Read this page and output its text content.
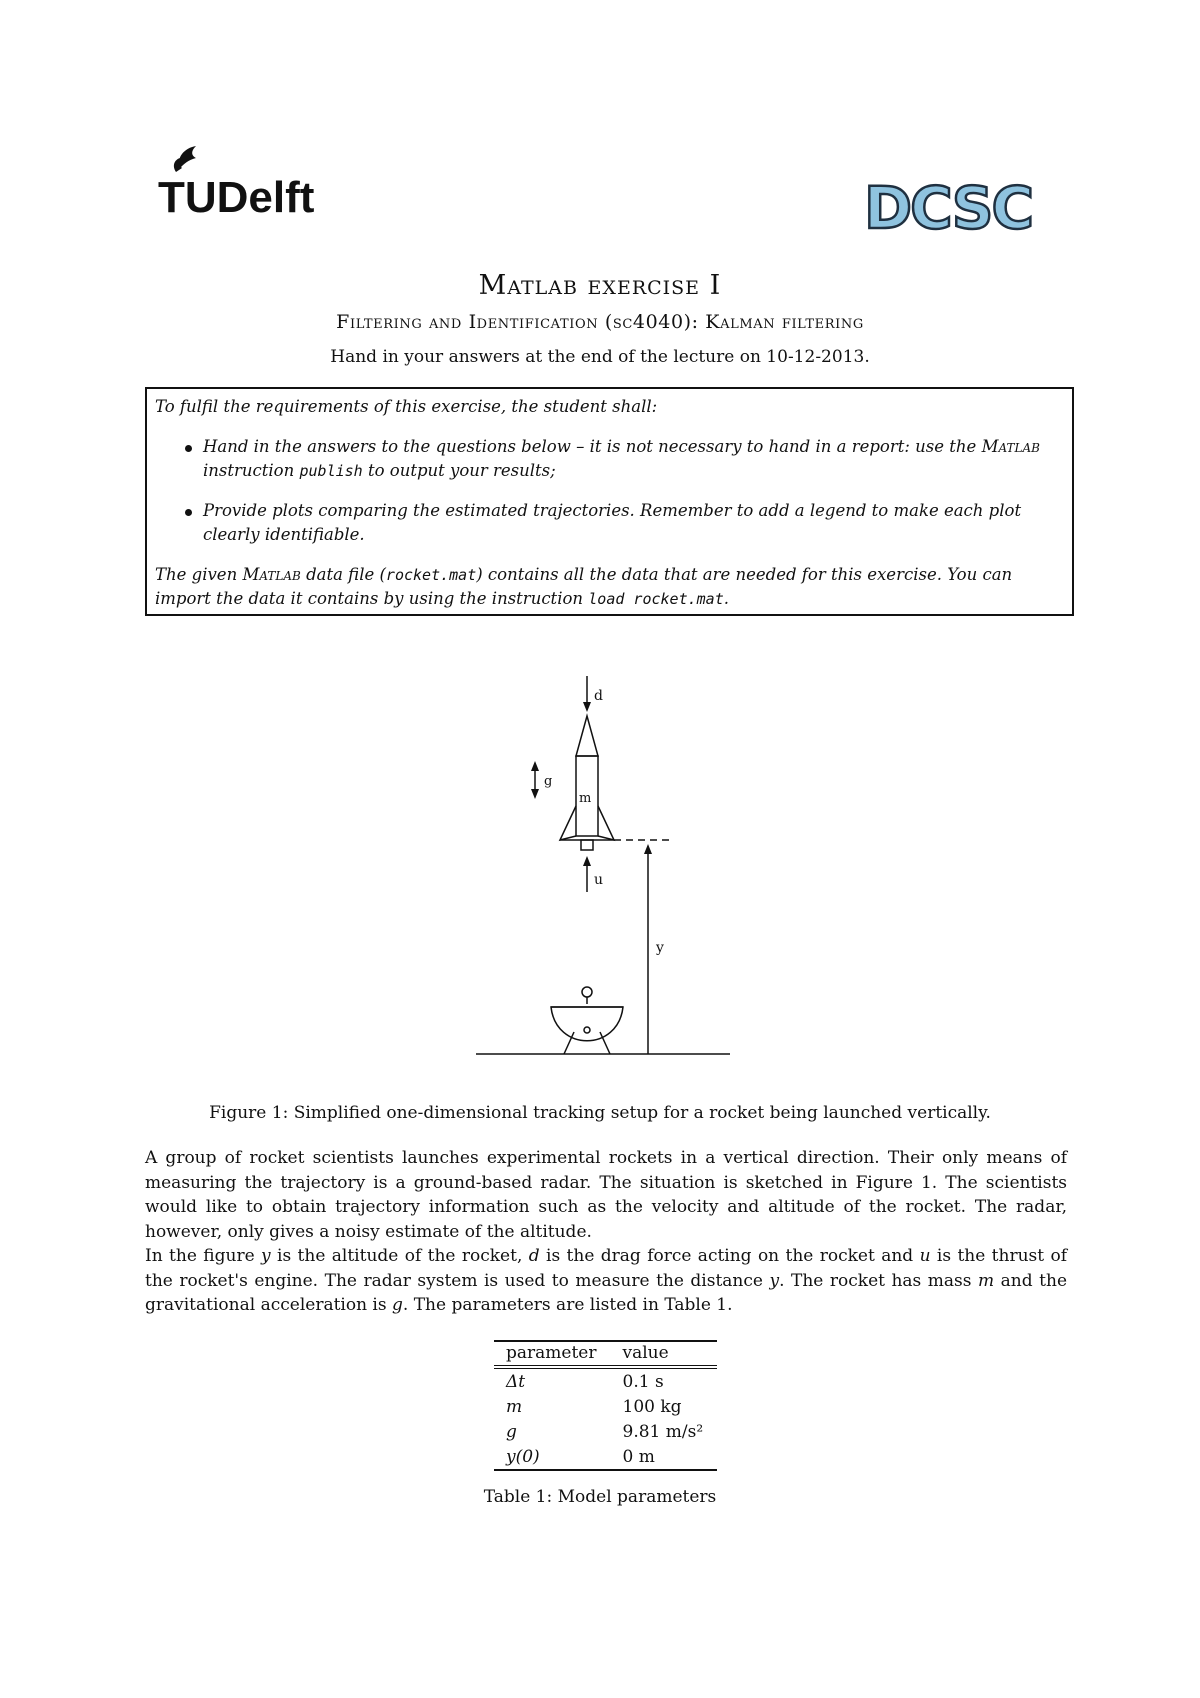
TUDelft	DCSC
Matlab exercise I
Filtering and Identification (sc4040): Kalman filtering
Hand in your answers at the end of the lecture on 10-12-2013.
To fulfil the requirements of this exercise, the student shall:
Hand in the answers to the questions below – it is not necessary to hand in a report: use the Matlab instruction publish to output your results;
Provide plots comparing the estimated trajectories. Remember to add a legend to make each plot clearly identifiable.
The given Matlab data file (rocket.mat) contains all the data that are needed for this exercise. You can import the data it contains by using the instruction load rocket.mat.
d
m
g
u
y
Figure 1: Simplified one-dimensional tracking setup for a rocket being launched vertically.

A group of rocket scientists launches experimental rockets in a vertical direction. Their only means of measuring the trajectory is a ground-based radar. The situation is sketched in Figure 1. The scientists would like to obtain trajectory information such as the velocity and altitude of the rocket. The radar, however, only gives a noisy estimate of the altitude.

In the figure y is the altitude of the rocket, d is the drag force acting on the rocket and u is the thrust of the rocket's engine. The radar system is used to measure the distance y. The rocket has mass m and the gravitational acceleration is g. The parameters are listed in Table 1.

parameter	value
Δt	0.1 s
m	100 kg
g	9.81 m/s²
y(0)	0 m
Table 1: Model parameters
